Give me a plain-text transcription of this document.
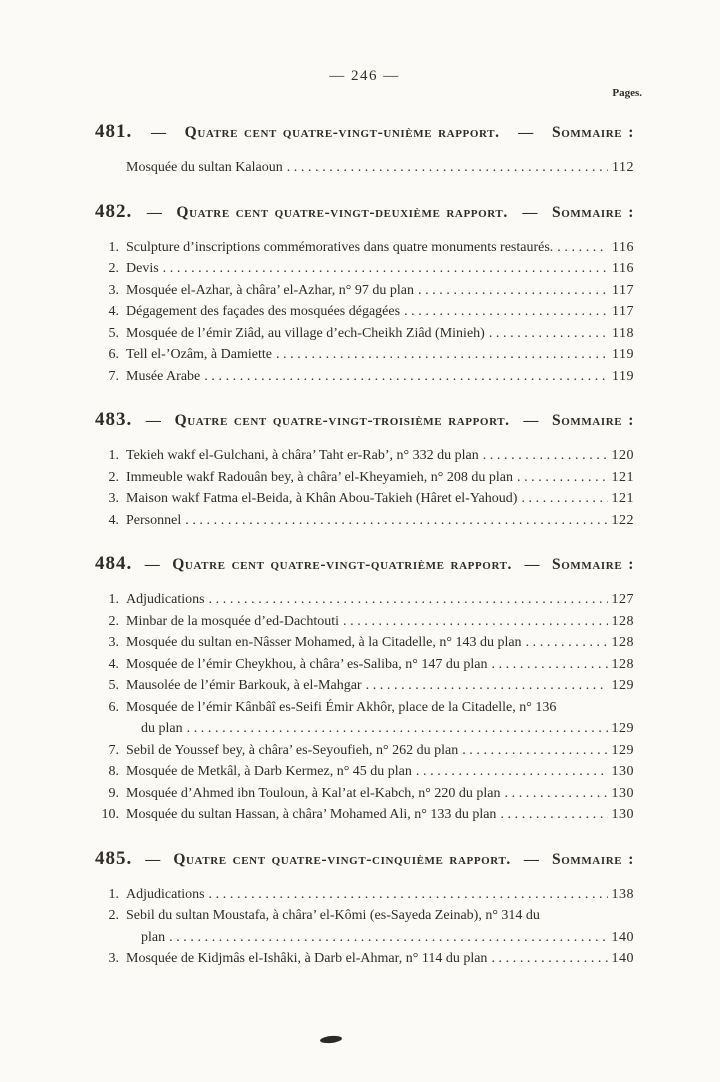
— 246 —
Pages.
481. — Quatre cent quatre-vingt-unième rapport. — Sommaire :
Mosquée du sultan Kalaoun .....	112
482. — Quatre cent quatre-vingt-deuxième rapport. — Sommaire :
1. Sculpture d’inscriptions commémoratives dans quatre monuments restaurés. .....	116
2. Devis .....	116
3. Mosquée el-Azhar, à châra’ el-Azhar, n° 97 du plan .....	117
4. Dégagement des façades des mosquées dégagées .....	117
5. Mosquée de l’émir Ziâd, au village d’ech-Cheikh Ziâd (Minieh) .....	118
6. Tell el-’Ozâm, à Damiette .....	119
7. Musée Arabe .....	119
483. — Quatre cent quatre-vingt-troisième rapport. — Sommaire :
1. Tekieh wakf el-Gulchani, à châra’ Taht er-Rab’, n° 332 du plan .....	120
2. Immeuble wakf Radouân bey, à châra’ el-Kheyamieh, n° 208 du plan .....	121
3. Maison wakf Fatma el-Beida, à Khân Abou-Takieh (Hâret el-Yahoud) .....	121
4. Personnel .....	122
484. — Quatre cent quatre-vingt-quatrième rapport. — Sommaire :
1. Adjudications .....	127
2. Minbar de la mosquée d’ed-Dachtouti .....	128
3. Mosquée du sultan en-Nâsser Mohamed, à la Citadelle, n° 143 du plan .....	128
4. Mosquée de l’émir Cheykhou, à châra’ es-Saliba, n° 147 du plan .....	128
5. Mausolée de l’émir Barkouk, à el-Mahgar .....	129
6. Mosquée de l’émir Kânbâî es-Seifi Émir Akhôr, place de la Citadelle, n° 136
du plan .....	129
7. Sebil de Youssef bey, à châra’ es-Seyoufieh, n° 262 du plan .....	129
8. Mosquée de Metkâl, à Darb Kermez, n° 45 du plan .....	130
9. Mosquée d’Ahmed ibn Touloun, à Kal’at el-Kabch, n° 220 du plan .....	130
10. Mosquée du sultan Hassan, à châra’ Mohamed Ali, n° 133 du plan .....	130
485. — Quatre cent quatre-vingt-cinquième rapport. — Sommaire :
1. Adjudications .....	138
2. Sebil du sultan Moustafa, à châra’ el-Kômi (es-Sayeda Zeinab), n° 314 du
plan .....	140
3. Mosquée de Kidjmâs el-Ishâki, à Darb el-Ahmar, n° 114 du plan .....	140
